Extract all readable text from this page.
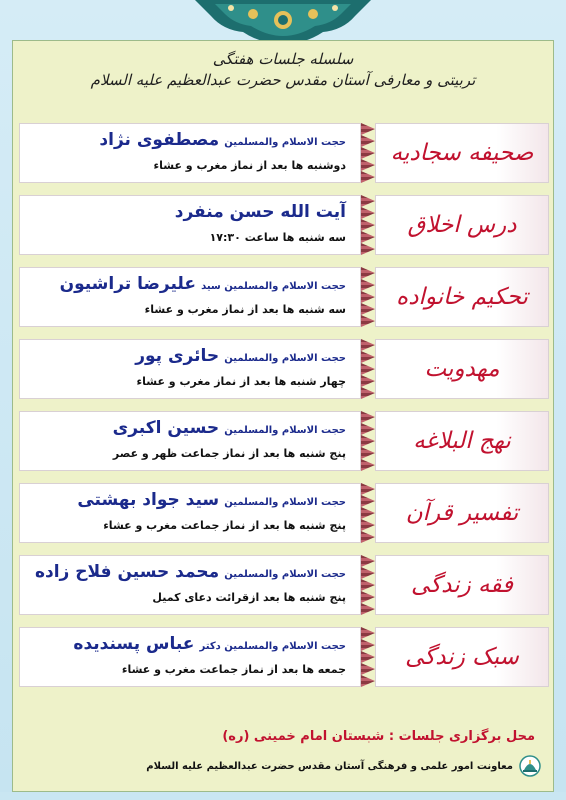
سلسله جلسات هفتگی
تربیتی و معارفی آستان مقدس حضرت عبدالعظیم علیه السلام
صحیفه سجادیه
حجت الاسلام والمسلمین مصطفوی نژاد
دوشنبه ها بعد از نماز مغرب و عشاء
درس اخلاق
آیت الله حسن منفرد
سه شنبه ها ساعت ۱۷:۳۰
تحکیم خانواده
حجت الاسلام والمسلمین سید علیرضا تراشیون
سه شنبه ها بعد از نماز مغرب و عشاء
مهدویت
حجت الاسلام والمسلمین حائری پور
چهار شنبه ها بعد از نماز مغرب و عشاء
نهج البلاغه
حجت الاسلام والمسلمین حسین اکبری
پنج شنبه ها بعد از نماز جماعت ظهر و عصر
تفسیر قرآن
حجت الاسلام والمسلمین سید جواد بهشتی
پنج شنبه ها بعد از نماز جماعت مغرب و عشاء
فقه زندگی
حجت الاسلام والمسلمین محمد حسین فلاح زاده
پنج شنبه ها بعد ازقرائت دعای کمیل
سبک زندگی
حجت الاسلام والمسلمین دکتر عباس پسندیده
جمعه ها بعد از نماز جماعت مغرب و عشاء
محل برگزاری جلسات : شبستان امام خمینی (ره)
معاونت امور علمی و فرهنگی آستان مقدس حضرت عبدالعظیم علیه السلام
